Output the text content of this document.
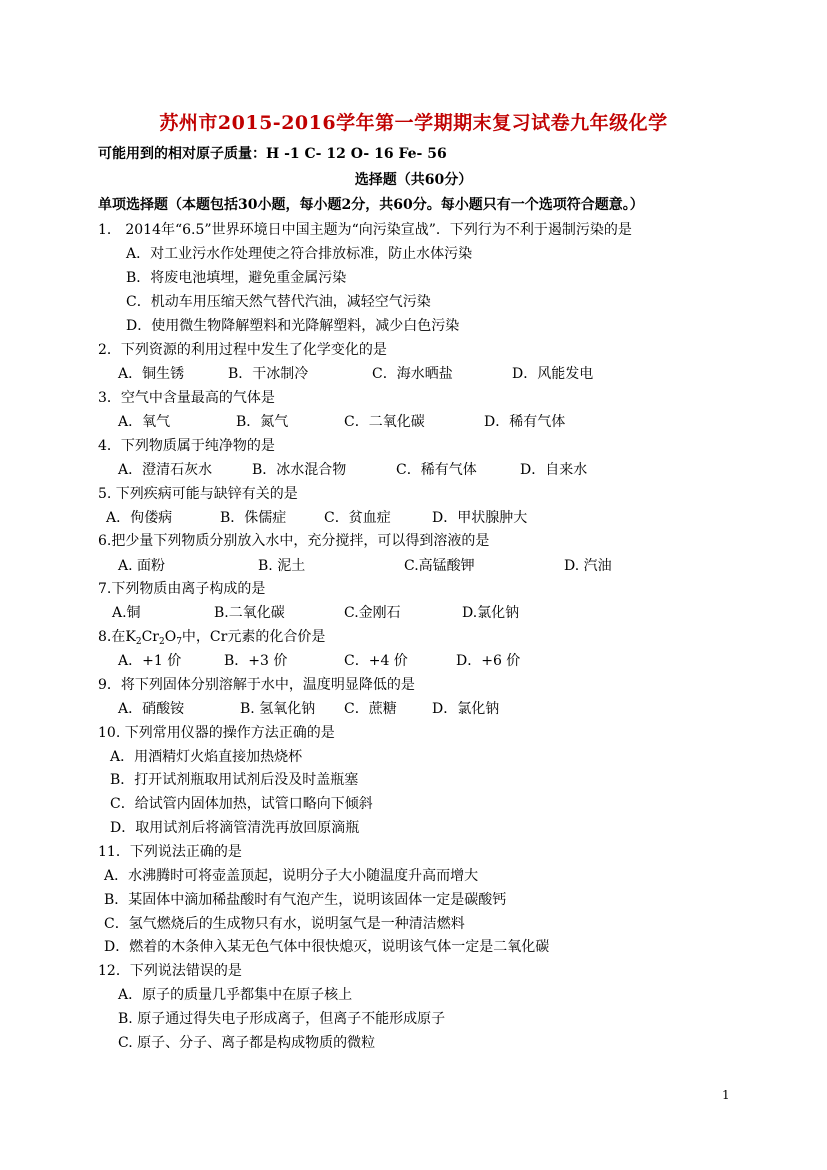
苏州市2015-2016学年第一学期期末复习试卷九年级化学
可能用到的相对原子质量：H -1 C- 12 O- 16 Fe- 56
选择题（共60分）
单项选择题（本题包括30小题，每小题2分，共60分。每小题只有一个选项符合题意。）
1． 2014年“6.5”世界环境日中国主题为“向污染宣战”．下列行为不利于遏制污染的是
A．对工业污水作处理使之符合排放标准，防止水体污染
B．将废电池填埋，避免重金属污染
C．机动车用压缩天然气替代汽油，减轻空气污染
D．使用微生物降解塑料和光降解塑料，减少白色污染
2．下列资源的利用过程中发生了化学变化的是
A．铜生锈	B．干冰制冷	C．海水晒盐	D．风能发电
3．空气中含量最高的气体是
A．氧气	B．氮气	C．二氧化碳	D．稀有气体
4．下列物质属于纯净物的是
A．澄清石灰水	B．冰水混合物	C．稀有气体	D．自来水
5. 下列疾病可能与缺锌有关的是
A．佝偻病	B．侏儒症	C．贫血症	D．甲状腺肿大
6.把少量下列物质分别放入水中，充分搅拌，可以得到溶液的是
A. 面粉	B. 泥土	C.高锰酸钾	D. 汽油
7.下列物质由离子构成的是
A.铜	B.二氧化碳	C.金刚石	D.氯化钠
8.在$K_2Cr_2O_7$中，Cr元素的化合价是
A．+1 价	B．+3 价	C．+4 价	D．+6 价
9．将下列固体分别溶解于水中，温度明显降低的是
A．硝酸铵	B. 氢氧化钠 C．蔗糖	D．氯化钠
10. 下列常用仪器的操作方法正确的是
A．用酒精灯火焰直接加热烧杯
B．打开试剂瓶取用试剂后没及时盖瓶塞
C．给试管内固体加热，试管口略向下倾斜
D．取用试剂后将滴管清洗再放回原滴瓶
11．下列说法正确的是
A．水沸腾时可将壶盖顶起，说明分子大小随温度升高而增大
B．某固体中滴加稀盐酸时有气泡产生，说明该固体一定是碳酸钙
C．氢气燃烧后的生成物只有水，说明氢气是一种清洁燃料
D．燃着的木条伸入某无色气体中很快熄灭，说明该气体一定是二氧化碳
12．下列说法错误的是
A．原子的质量几乎都集中在原子核上
B. 原子通过得失电子形成离子，但离子不能形成原子
C. 原子、分子、离子都是构成物质的微粒
1
